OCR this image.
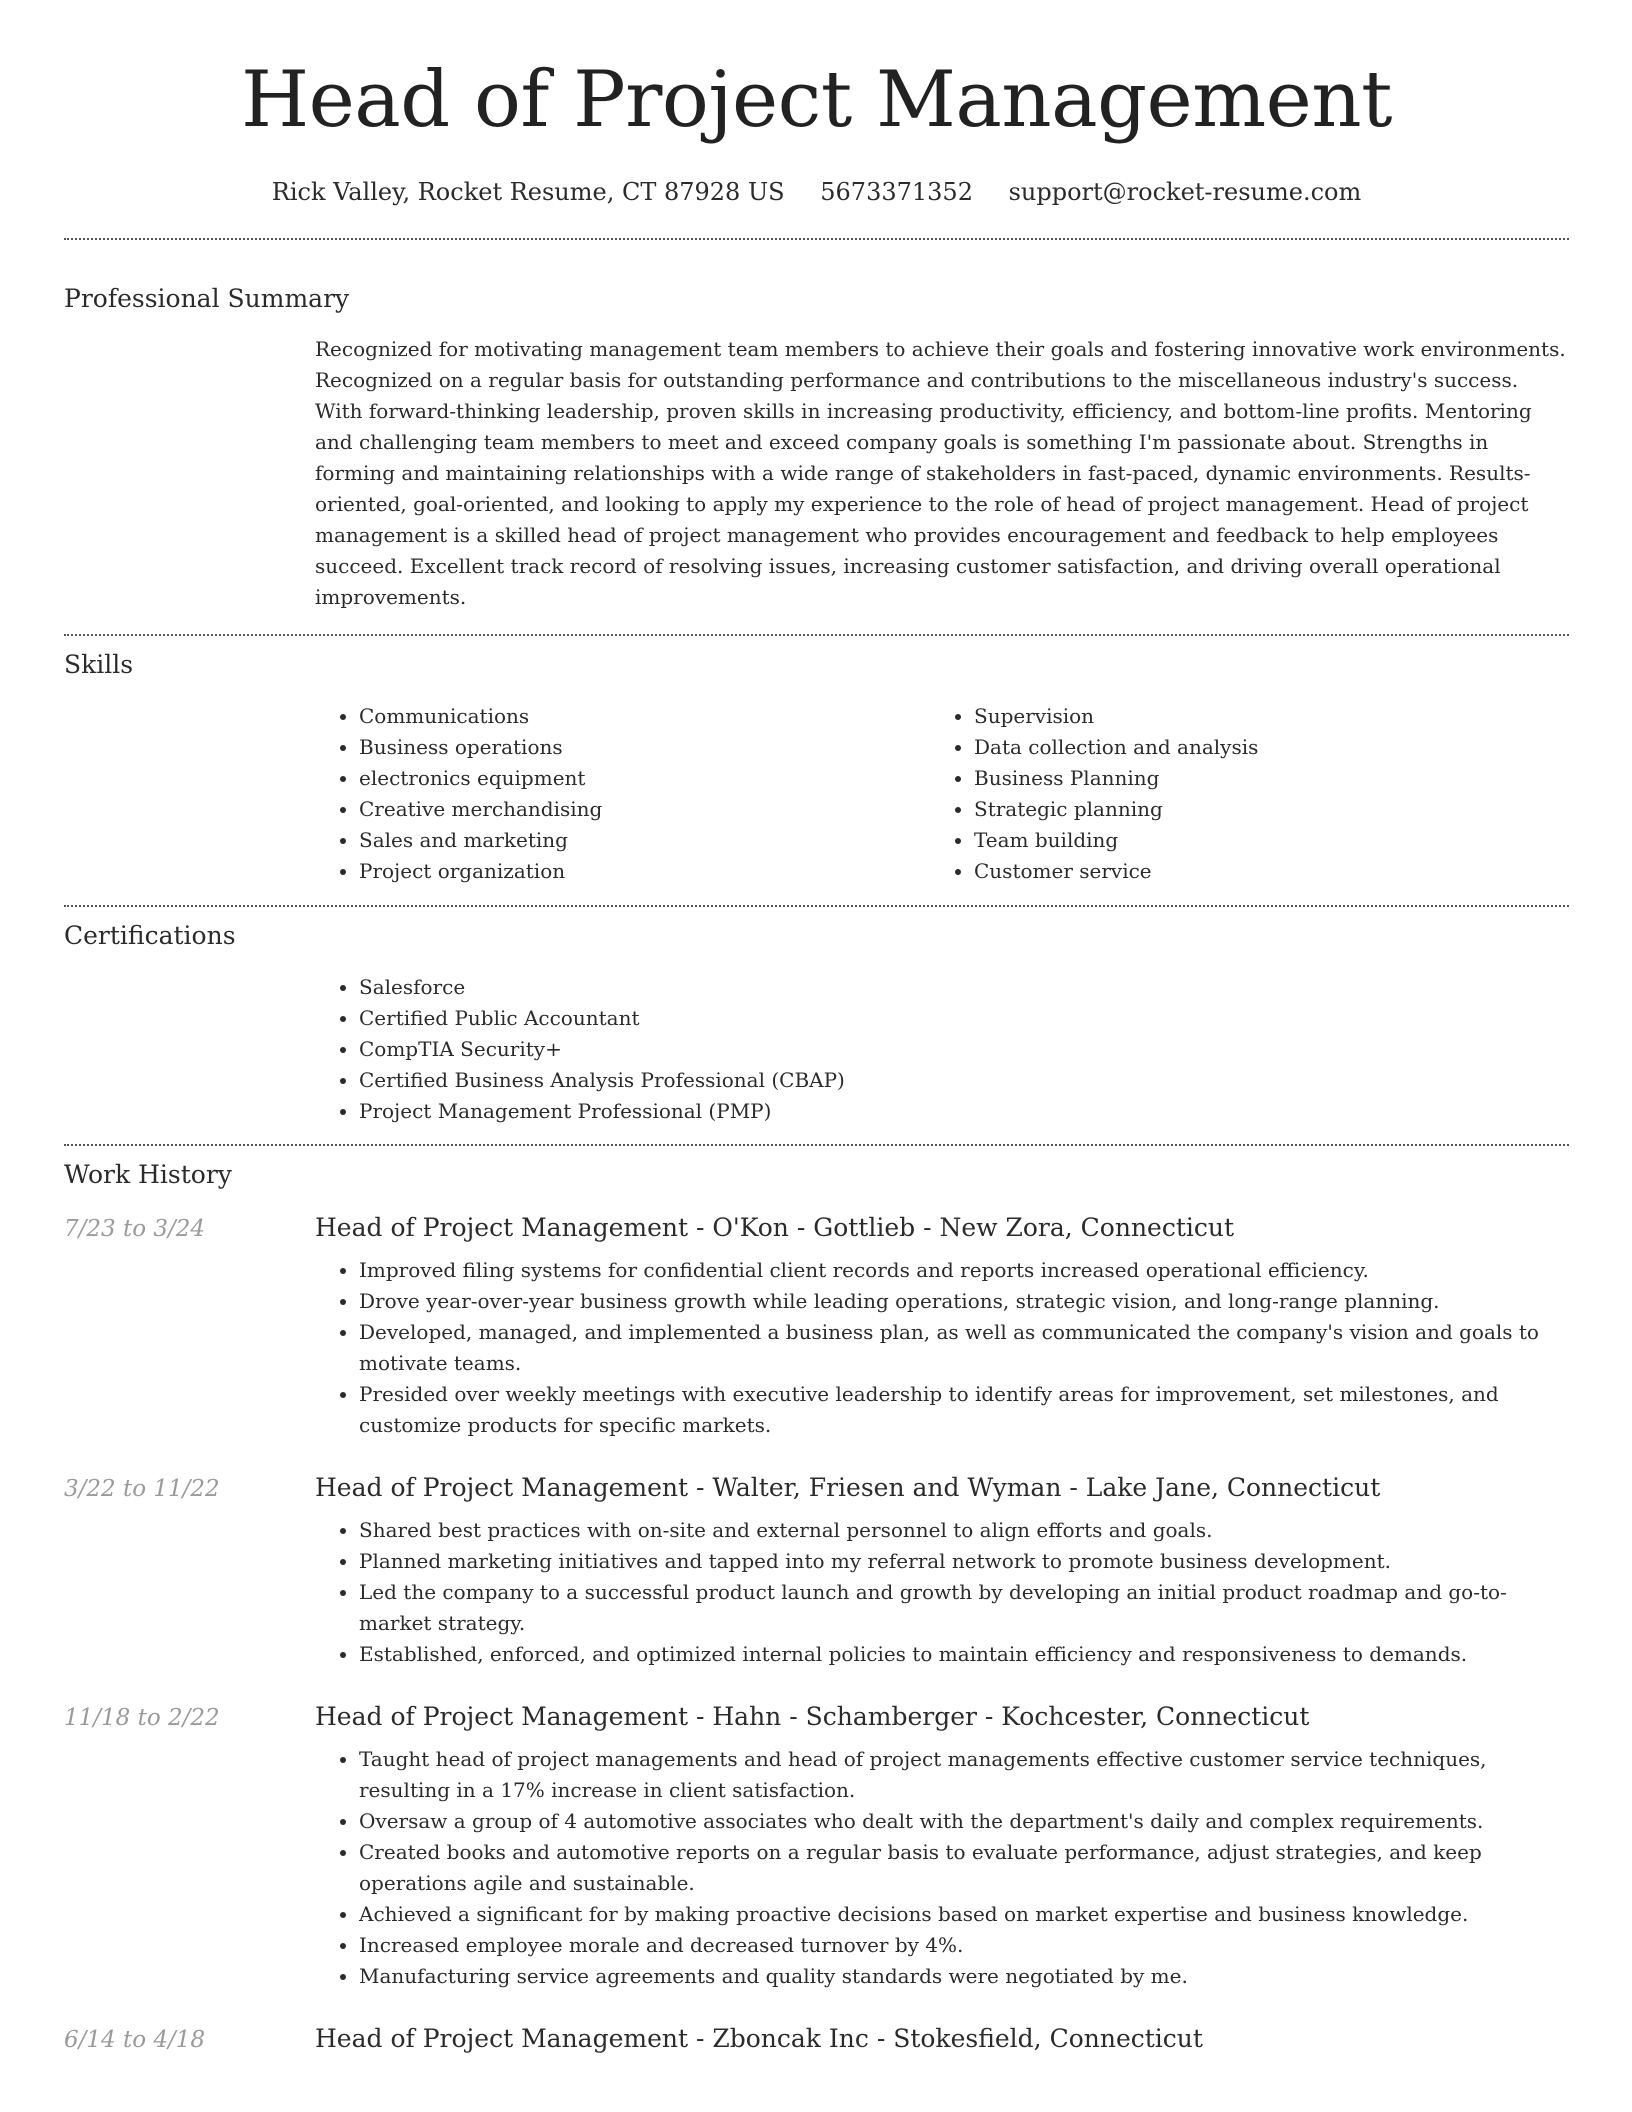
Head of Project Management
Rick Valley, Rocket Resume, CT 87928 US 5673371352 support@rocket-resume.com
Professional Summary

Recognized for motivating management team members to achieve their goals and fostering innovative work environments. Recognized on a regular basis for outstanding performance and contributions to the miscellaneous industry's success. With forward-thinking leadership, proven skills in increasing productivity, efficiency, and bottom-line profits. Mentoring and challenging team members to meet and exceed company goals is something I'm passionate about. Strengths in forming and maintaining relationships with a wide range of stakeholders in fast-paced, dynamic environments. Results-oriented, goal-oriented, and looking to apply my experience to the role of head of project management. Head of project management is a skilled head of project management who provides encouragement and feedback to help employees succeed. Excellent track record of resolving issues, increasing customer satisfaction, and driving overall operational improvements.

Skills
• Communications
• Business operations
• electronics equipment
• Creative merchandising
• Sales and marketing
• Project organization
• Supervision
• Data collection and analysis
• Business Planning
• Strategic planning
• Team building
• Customer service
Certifications
• Salesforce
• Certified Public Accountant
• CompTIA Security+
• Certified Business Analysis Professional (CBAP)
• Project Management Professional (PMP)
Work History
7/23 to 3/24	Head of Project Management - O'Kon - Gottlieb - New Zora, Connecticut
• Improved filing systems for confidential client records and reports increased operational efficiency.
• Drove year-over-year business growth while leading operations, strategic vision, and long-range planning.
• Developed, managed, and implemented a business plan, as well as communicated the company's vision and goals to motivate teams.
• Presided over weekly meetings with executive leadership to identify areas for improvement, set milestones, and customize products for specific markets.
3/22 to 11/22	Head of Project Management - Walter, Friesen and Wyman - Lake Jane, Connecticut
• Shared best practices with on-site and external personnel to align efforts and goals.
• Planned marketing initiatives and tapped into my referral network to promote business development.
• Led the company to a successful product launch and growth by developing an initial product roadmap and go-to-market strategy.
• Established, enforced, and optimized internal policies to maintain efficiency and responsiveness to demands.
11/18 to 2/22	Head of Project Management - Hahn - Schamberger - Kochcester, Connecticut
• Taught head of project managements and head of project managements effective customer service techniques, resulting in a 17% increase in client satisfaction.
• Oversaw a group of 4 automotive associates who dealt with the department's daily and complex requirements.
• Created books and automotive reports on a regular basis to evaluate performance, adjust strategies, and keep operations agile and sustainable.
• Achieved a significant for by making proactive decisions based on market expertise and business knowledge.
• Increased employee morale and decreased turnover by 4%.
• Manufacturing service agreements and quality standards were negotiated by me.
6/14 to 4/18	Head of Project Management - Zboncak Inc - Stokesfield, Connecticut
